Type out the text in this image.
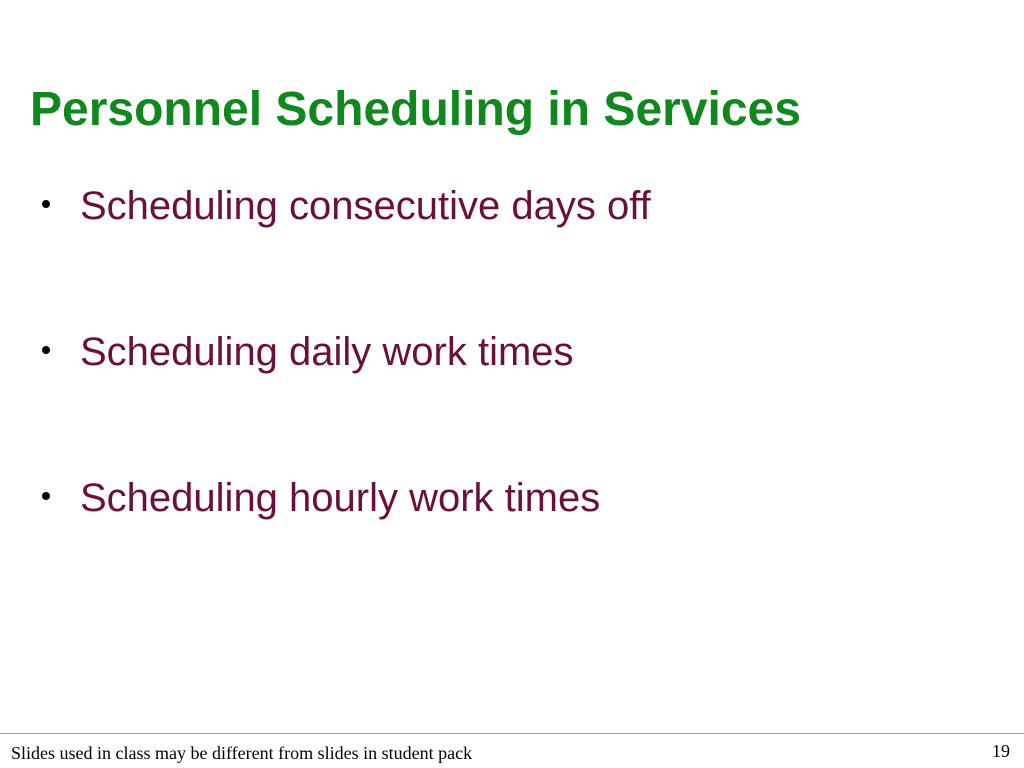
Personnel Scheduling in Services
Scheduling consecutive days off
Scheduling daily work times
Scheduling hourly work times
Slides used in class may be different from slides in student pack	19
